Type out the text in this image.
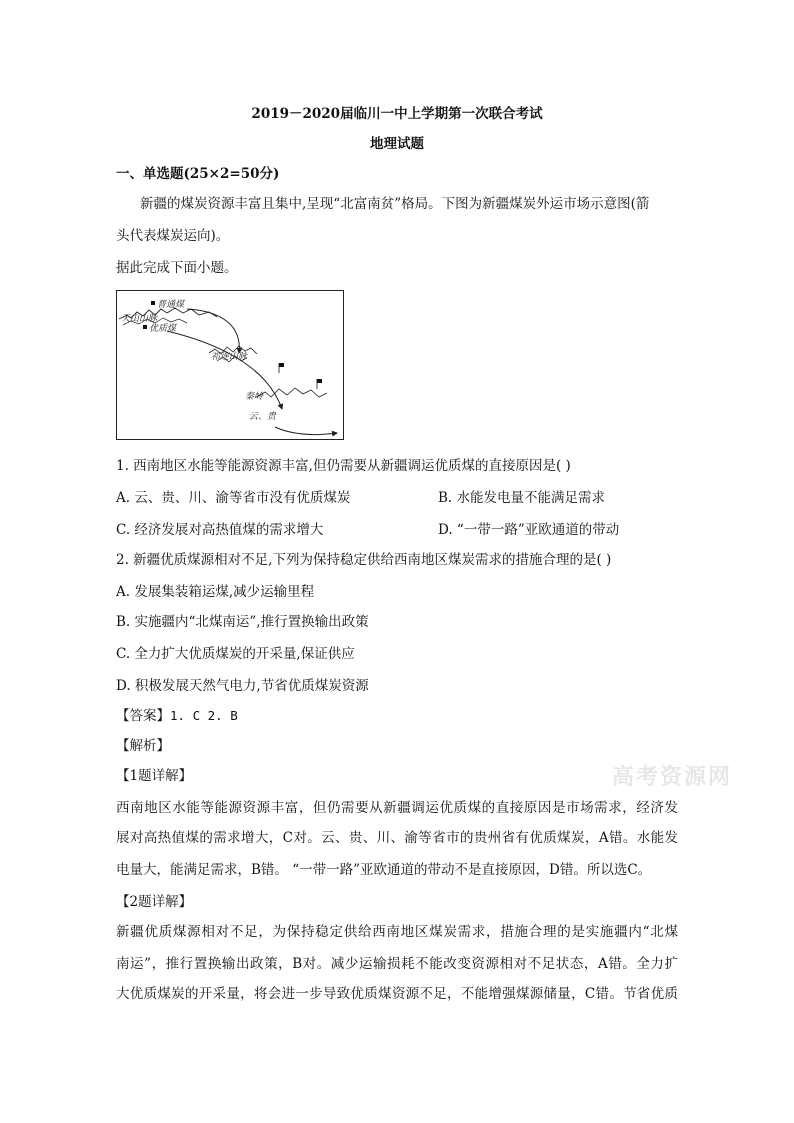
2019－2020届临川一中上学期第一次联合考试
地理试题
一、单选题(25×2=50分)
新疆的煤炭资源丰富且集中,呈现“北富南贫”格局。下图为新疆煤炭外运市场示意图(箭
头代表煤炭运向)。
据此完成下面小题。
普通煤
天山山脉
优质煤
祁连山脉
秦岭
云、贵
1. 西南地区水能等能源资源丰富,但仍需要从新疆调运优质煤的直接原因是( )
A. 云、贵、川、渝等省市没有优质煤炭	B. 水能发电量不能满足需求
C. 经济发展对高热值煤的需求增大	D. “一带一路”亚欧通道的带动
2. 新疆优质煤源相对不足,下列为保持稳定供给西南地区煤炭需求的措施合理的是( )
A. 发展集装箱运煤,减少运输里程
B. 实施疆内“北煤南运”,推行置换输出政策
C. 全力扩大优质煤炭的开采量,保证供应
D. 积极发展天然气电力,节省优质煤炭资源
【答案】1. C 2. B
【解析】
【1题详解】	高考资源网
西南地区水能等能源资源丰富，但仍需要从新疆调运优质煤的直接原因是市场需求，经济发
展对高热值煤的需求增大，C对。云、贵、川、渝等省市的贵州省有优质煤炭，A错。水能发
电量大，能满足需求，B错。 “一带一路”亚欧通道的带动不是直接原因，D错。所以选C。
【2题详解】
新疆优质煤源相对不足，为保持稳定供给西南地区煤炭需求，措施合理的是实施疆内“北煤
南运”，推行置换输出政策，B对。减少运输损耗不能改变资源相对不足状态，A错。全力扩
大优质煤炭的开采量，将会进一步导致优质煤资源不足，不能增强煤源储量，C错。节省优质
